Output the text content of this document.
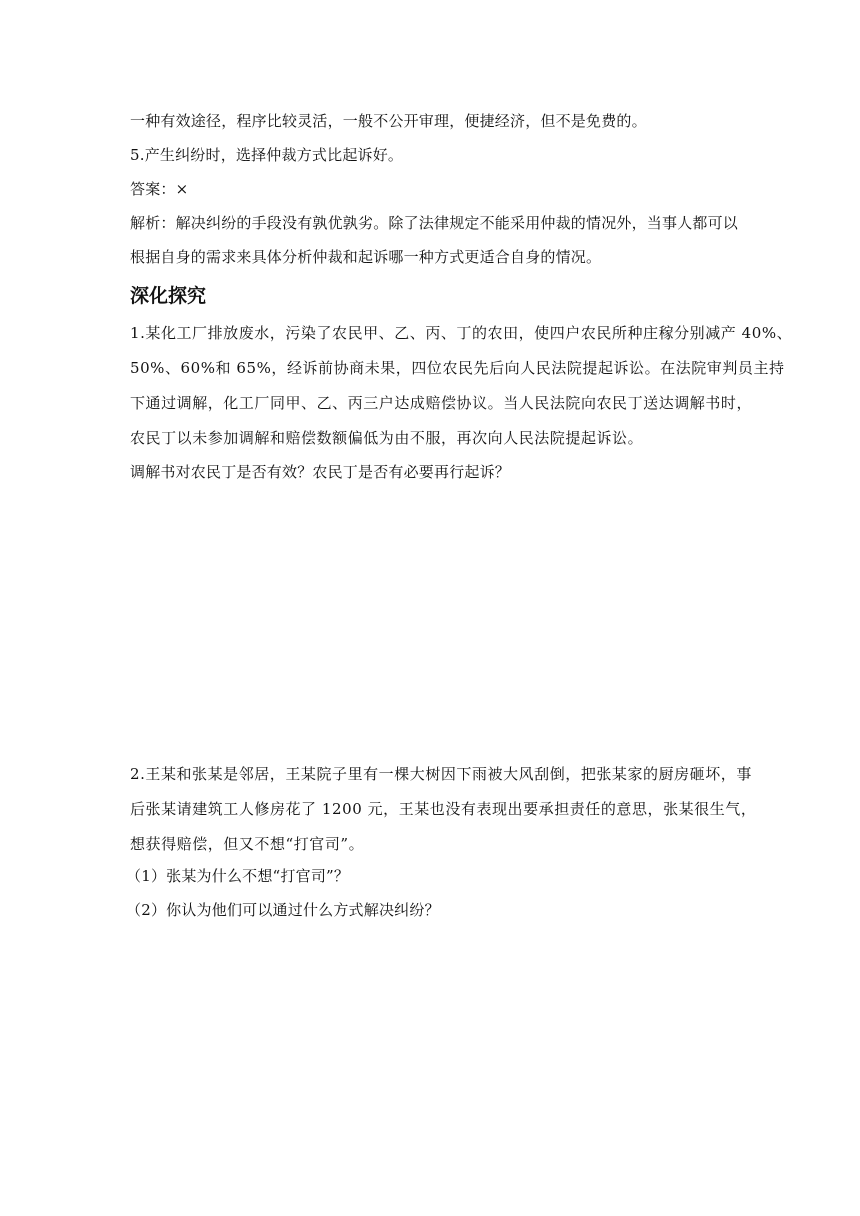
一种有效途径，程序比较灵活，一般不公开审理，便捷经济，但不是免费的。
5.产生纠纷时，选择仲裁方式比起诉好。
答案：×
解析：解决纠纷的手段没有孰优孰劣。除了法律规定不能采用仲裁的情况外，当事人都可以
根据自身的需求来具体分析仲裁和起诉哪一种方式更适合自身的情况。
深化探究
1.某化工厂排放废水，污染了农民甲、乙、丙、丁的农田，使四户农民所种庄稼分别减产 40%、
50%、60%和 65%，经诉前协商未果，四位农民先后向人民法院提起诉讼。在法院审判员主持
下通过调解，化工厂同甲、乙、丙三户达成赔偿协议。当人民法院向农民丁送达调解书时，
农民丁以未参加调解和赔偿数额偏低为由不服，再次向人民法院提起诉讼。
调解书对农民丁是否有效？农民丁是否有必要再行起诉？
2.王某和张某是邻居，王某院子里有一棵大树因下雨被大风刮倒，把张某家的厨房砸坏，事
后张某请建筑工人修房花了 1200 元，王某也没有表现出要承担责任的意思，张某很生气，
想获得赔偿，但又不想“打官司”。
（1）张某为什么不想“打官司”？
（2）你认为他们可以通过什么方式解决纠纷？
